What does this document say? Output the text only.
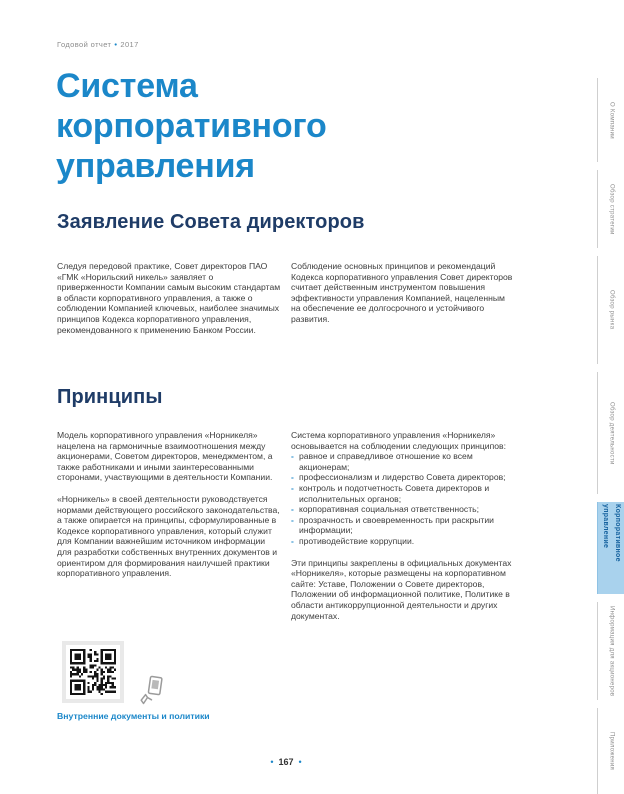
Годовой отчет • 2017
Система корпоративного управления
Заявление Совета директоров

Следуя передовой практике, Совет директоров ПАО «ГМК «Норильский никель» заявляет о приверженности Компании самым высоким стандартам в области корпоративного управления, а также о соблюдении Компанией ключевых, наиболее значимых принципов Кодекса корпоративного управления, рекомендованного к применению Банком России.

Соблюдение основных принципов и рекомендаций Кодекса корпоративного управления Совет директоров считает действенным инструментом повышения эффективности управления Компанией, нацеленным на обеспечение ее долгосрочного и устойчивого развития.

Принципы

Модель корпоративного управления «Норникеля» нацелена на гармоничные взаимоотношения между акционерами, Советом директоров, менеджментом, а также работниками и иными заинтересованными сторонами, участвующими в деятельности Компании.

«Норникель» в своей деятельности руководствуется нормами действующего российского законодательства, а также опирается на принципы, сформулированные в Кодексе корпоративного управления, который служит для Компании важнейшим источником информации для разработки собственных внутренних документов и ориентиром для формирования наилучшей практики корпоративного управления.

Система корпоративного управления «Норникеля» основывается на соблюдении следующих принципов:

- равное и справедливое отношение ко всем акционерам;
- профессионализм и лидерство Совета директоров;
- контроль и подотчетность Совета директоров и исполнительных органов;
- корпоративная социальная ответственность;
- прозрачность и своевременность при раскрытии информации;
- противодействие коррупции.

Эти принципы закреплены в официальных документах «Норникеля», которые размещены на корпоративном сайте: Уставе, Положении о Совете директоров, Положении об информационной политике, Политике в области антикоррупционной деятельности и других документах.

Внутренние документы и политики
• 167 •
О Компании
Обзор стратегии
Обзор рынка
Обзор деятельности
Корпоративное управление
Информация для акционеров
Приложения
